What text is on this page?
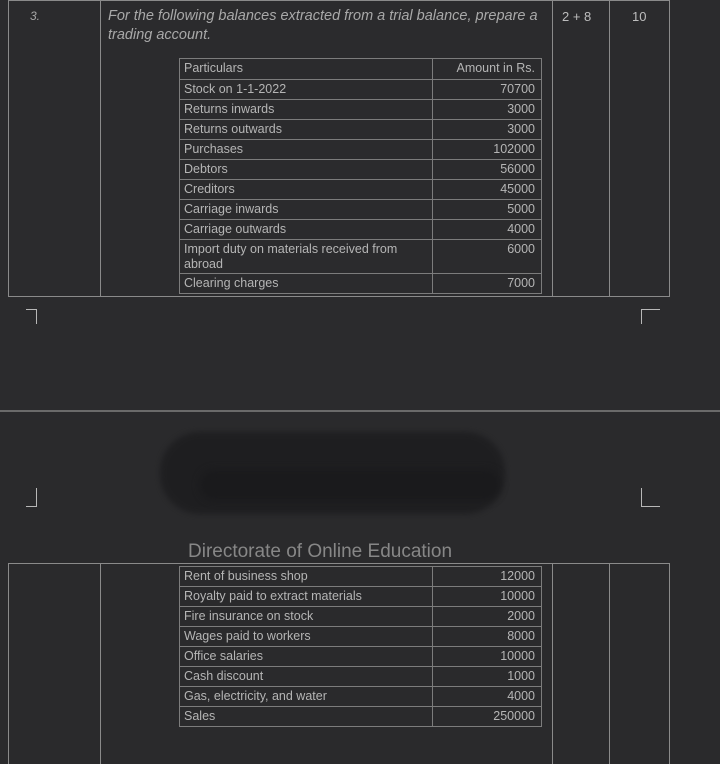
3.	For the following balances extracted from a trial balance, prepare a trading account.
2 + 8	10
Particulars	Amount in Rs.
Stock on 1-1-2022	70700
Returns inwards	3000
Returns outwards	3000
Purchases	102000
Debtors	56000
Creditors	45000
Carriage inwards	5000
Carriage outwards	4000
Import duty on materials received from abroad	6000
Clearing charges	7000
Directorate of Online Education
Rent of business shop	12000
Royalty paid to extract materials	10000
Fire insurance on stock	2000
Wages paid to workers	8000
Office salaries	10000
Cash discount	1000
Gas, electricity, and water	4000
Sales	250000
